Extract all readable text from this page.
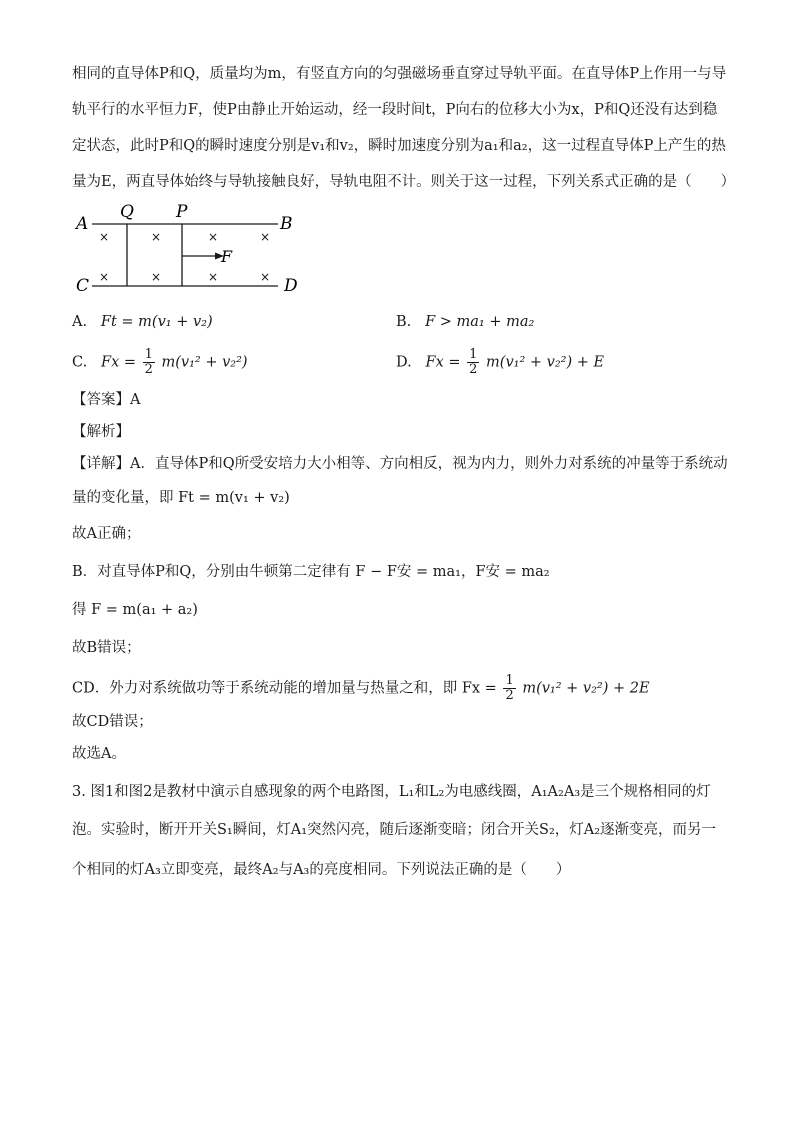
相同的直导体P和Q，质量均为m，有竖直方向的匀强磁场垂直穿过导轨平面。在直导体P上作用一与导
轨平行的水平恒力F，使P由静止开始运动，经一段时间t，P向右的位移大小为x，P和Q还没有达到稳
定状态，此时P和Q的瞬时速度分别是v₁和v₂，瞬时加速度分别为a₁和a₂，这一过程直导体P上产生的热
量为E，两直导体始终与导轨接触良好，导轨电阻不计。则关于这一过程，下列关系式正确的是（　　）
A	B
C	D
Q P
F
×	×	×	×
×	×	×	×
A. Ft = m(v₁ + v₂)	B. F > ma₁ + ma₂
C. $Fx = \frac{1}{2} m(v_1^2 + v_2^2)$	D. $Fx = \frac{1}{2} m(v_1^2 + v_2^2) + E$
【答案】A
【解析】
【详解】A．直导体P和Q所受安培力大小相等、方向相反，视为内力，则外力对系统的冲量等于系统动
量的变化量，即 Ft = m(v₁ + v₂)
故A正确；
B．对直导体P和Q，分别由牛顿第二定律有 F − F安 = ma₁，F安 = ma₂
得 F = m(a₁ + a₂)
故B错误；
CD．外力对系统做功等于系统动能的增加量与热量之和，即 $Fx = \frac{1}{2} m(v_1^2 + v_2^2) + 2E$
故CD错误；
故选A。
3. 图1和图2是教材中演示自感现象的两个电路图，L₁和L₂为电感线圈，A₁A₂A₃是三个规格相同的灯
泡。实验时，断开开关S₁瞬间，灯A₁突然闪亮，随后逐渐变暗；闭合开关S₂，灯A₂逐渐变亮，而另一
个相同的灯A₃立即变亮，最终A₂与A₃的亮度相同。下列说法正确的是（　　）
